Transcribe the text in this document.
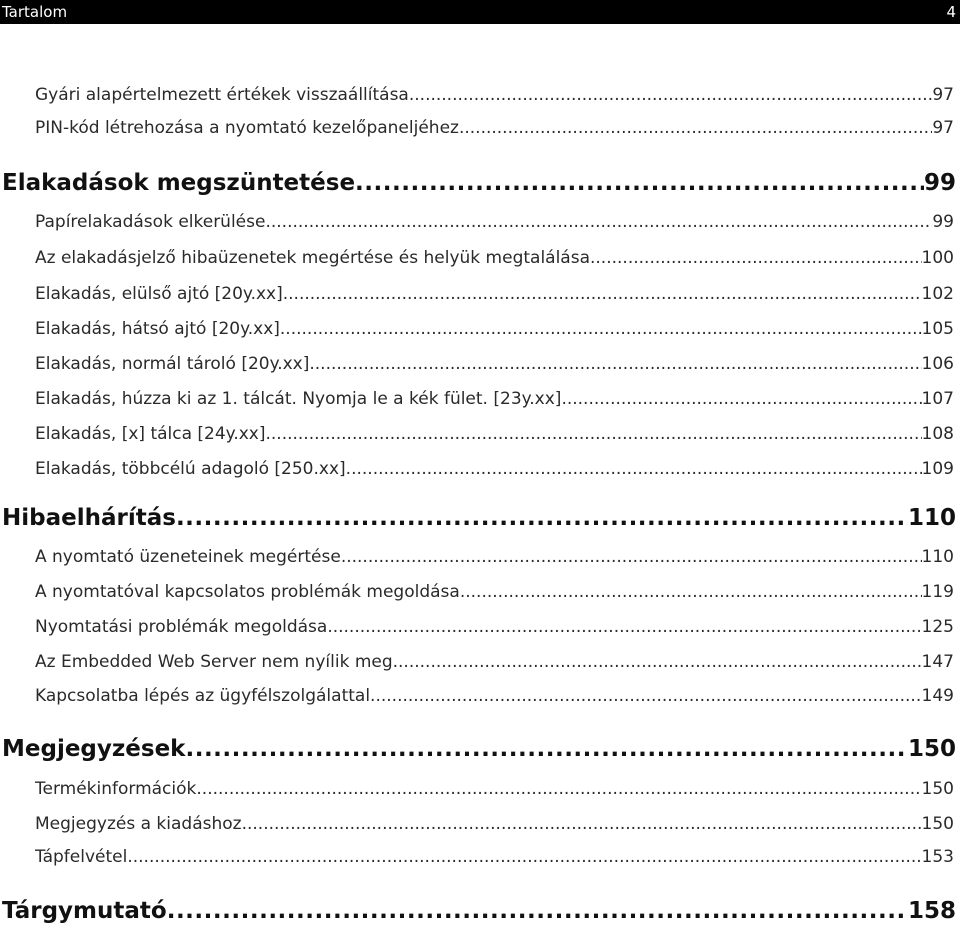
Tartalom	4
Gyári alapértelmezett értékek visszaállítása .....	97
PIN-kód létrehozása a nyomtató kezelőpaneljéhez .....	97
Elakadások megszüntetése .....	99
Papírelakadások elkerülése .....	99
Az elakadásjelző hibaüzenetek megértése és helyük megtalálása .....	100
Elakadás, elülső ajtó [20y.xx] .....	102
Elakadás, hátsó ajtó [20y.xx] .....	105
Elakadás, normál tároló [20y.xx] .....	106
Elakadás, húzza ki az 1. tálcát. Nyomja le a kék fület. [23y.xx] .....	107
Elakadás, [x] tálca [24y.xx] .....	108
Elakadás, többcélú adagoló [250.xx] .....	109
Hibaelhárítás .....	110
A nyomtató üzeneteinek megértése .....	110
A nyomtatóval kapcsolatos problémák megoldása .....	119
Nyomtatási problémák megoldása .....	125
Az Embedded Web Server nem nyílik meg .....	147
Kapcsolatba lépés az ügyfélszolgálattal .....	149
Megjegyzések .....	150
Termékinformációk .....	150
Megjegyzés a kiadáshoz .....	150
Tápfelvétel .....	153
Tárgymutató .....	158
